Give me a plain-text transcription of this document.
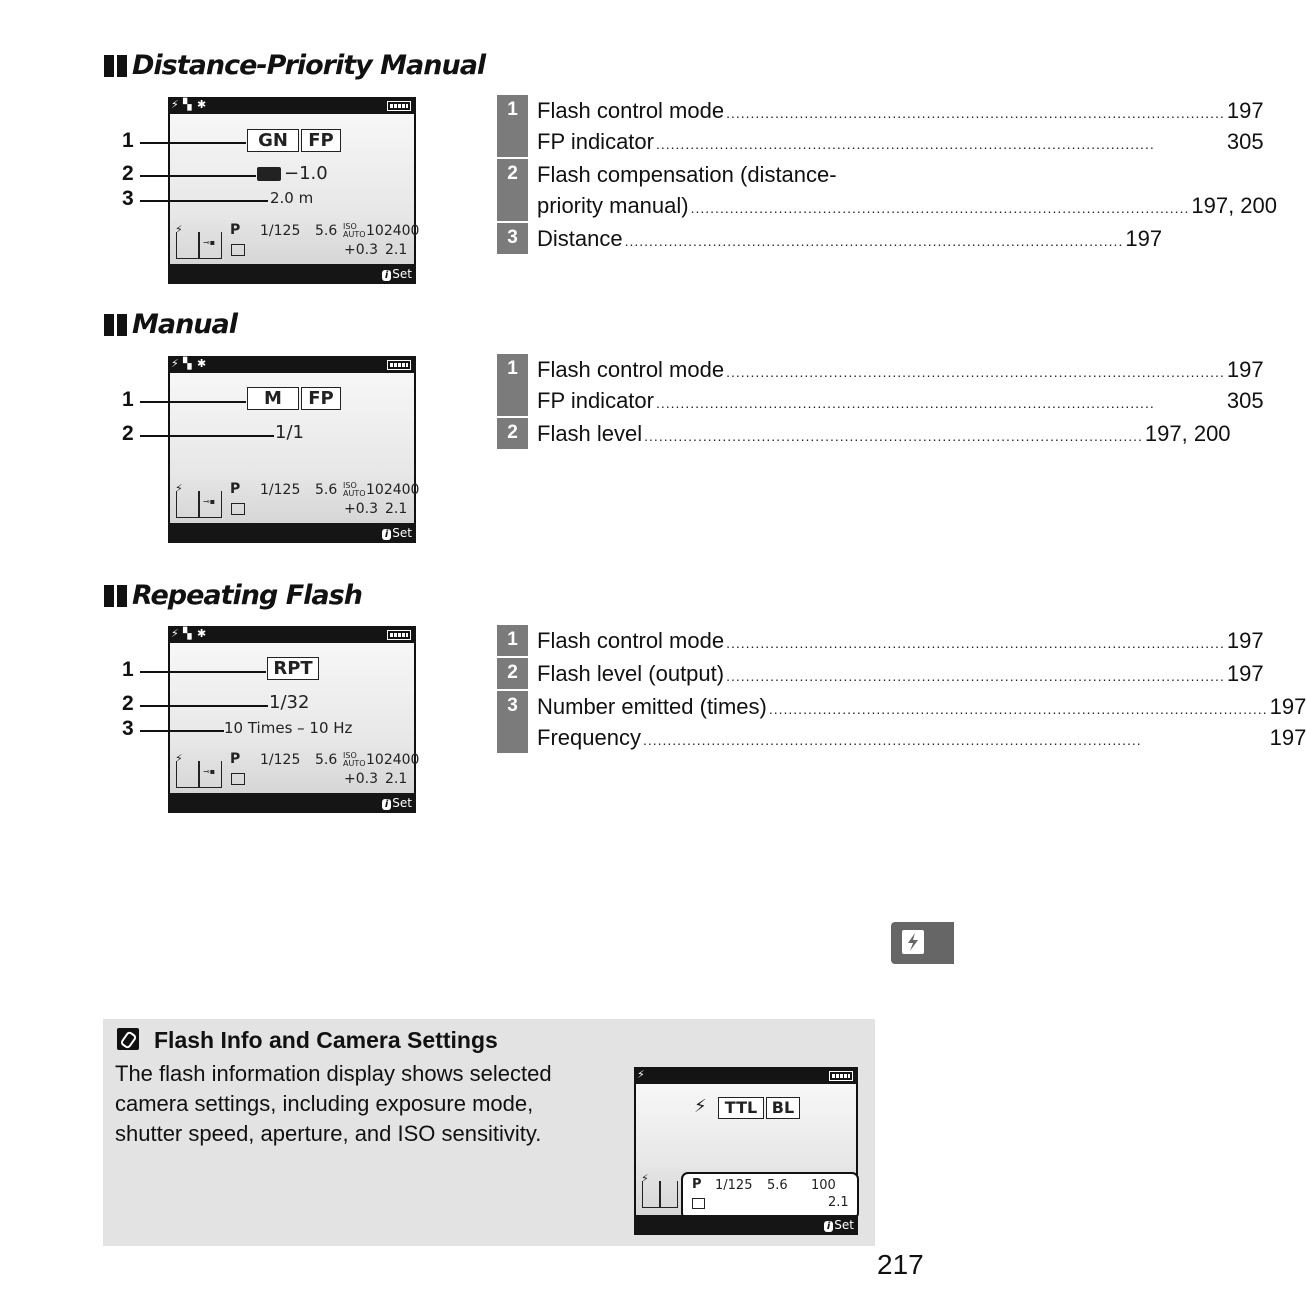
Distance-Priority Manual
⚡ ▚ ✱
GN	FP
−1.0
2.0 m
⚡
⊸▪
P 1/125 5.6 ISO AUTO 102400
+0.3 2.1
i Set
1
2
3
1 Flash control mode .....	197
FP indicator .....	305
2 Flash compensation (distance-
priority manual) .....	197, 200
3 Distance .....	197
Manual
⚡ ▚ ✱
M	FP
1/1
⚡
⊸▪
P 1/125 5.6 ISO AUTO 102400
+0.3 2.1
i Set
1
2
1 Flash control mode .....	197
FP indicator .....	305
2 Flash level .....	197, 200
Repeating Flash
⚡ ▚ ✱
RPT
1/32
10 Times – 10 Hz
⚡
⊸▪
P 1/125 5.6 ISO AUTO 102400
+0.3 2.1
i Set
1
2
3
1 Flash control mode .....	197
2 Flash level (output) .....	197
3 Number emitted (times) .....	197
Frequency .....	197
Flash Info and Camera Settings
The flash information display shows selected camera settings, including exposure mode, shutter speed, aperture, and ISO sensitivity.
⚡
⚡	TTL BL
⚡	P 1/125 5.6 100
2.1
i Set
217
